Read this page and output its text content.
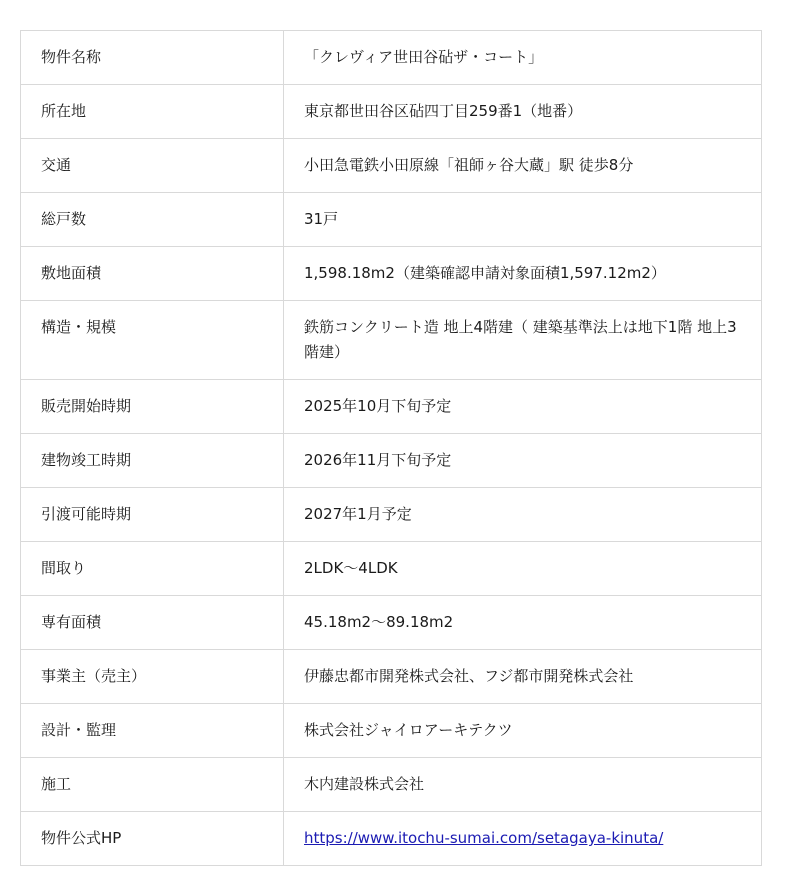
物件名称	「クレヴィア世田谷砧ザ・コート」
所在地	東京都世田谷区砧四丁目259番1（地番）
交通	小田急電鉄小田原線「祖師ヶ谷大蔵」駅 徒歩8分
総戸数	31戸
敷地面積	1,598.18m2（建築確認申請対象面積1,597.12m2）
構造・規模	鉄筋コンクリート造 地上4階建（ 建築基準法上は地下1階 地上3階建）
販売開始時期	2025年10月下旬予定
建物竣工時期	2026年11月下旬予定
引渡可能時期	2027年1月予定
間取り	2LDK〜4LDK
専有面積	45.18m2〜89.18m2
事業主（売主）	伊藤忠都市開発株式会社、フジ都市開発株式会社
設計・監理	株式会社ジャイロアーキテクツ
施工	木内建設株式会社
物件公式HP	https://www.itochu-sumai.com/setagaya-kinuta/
